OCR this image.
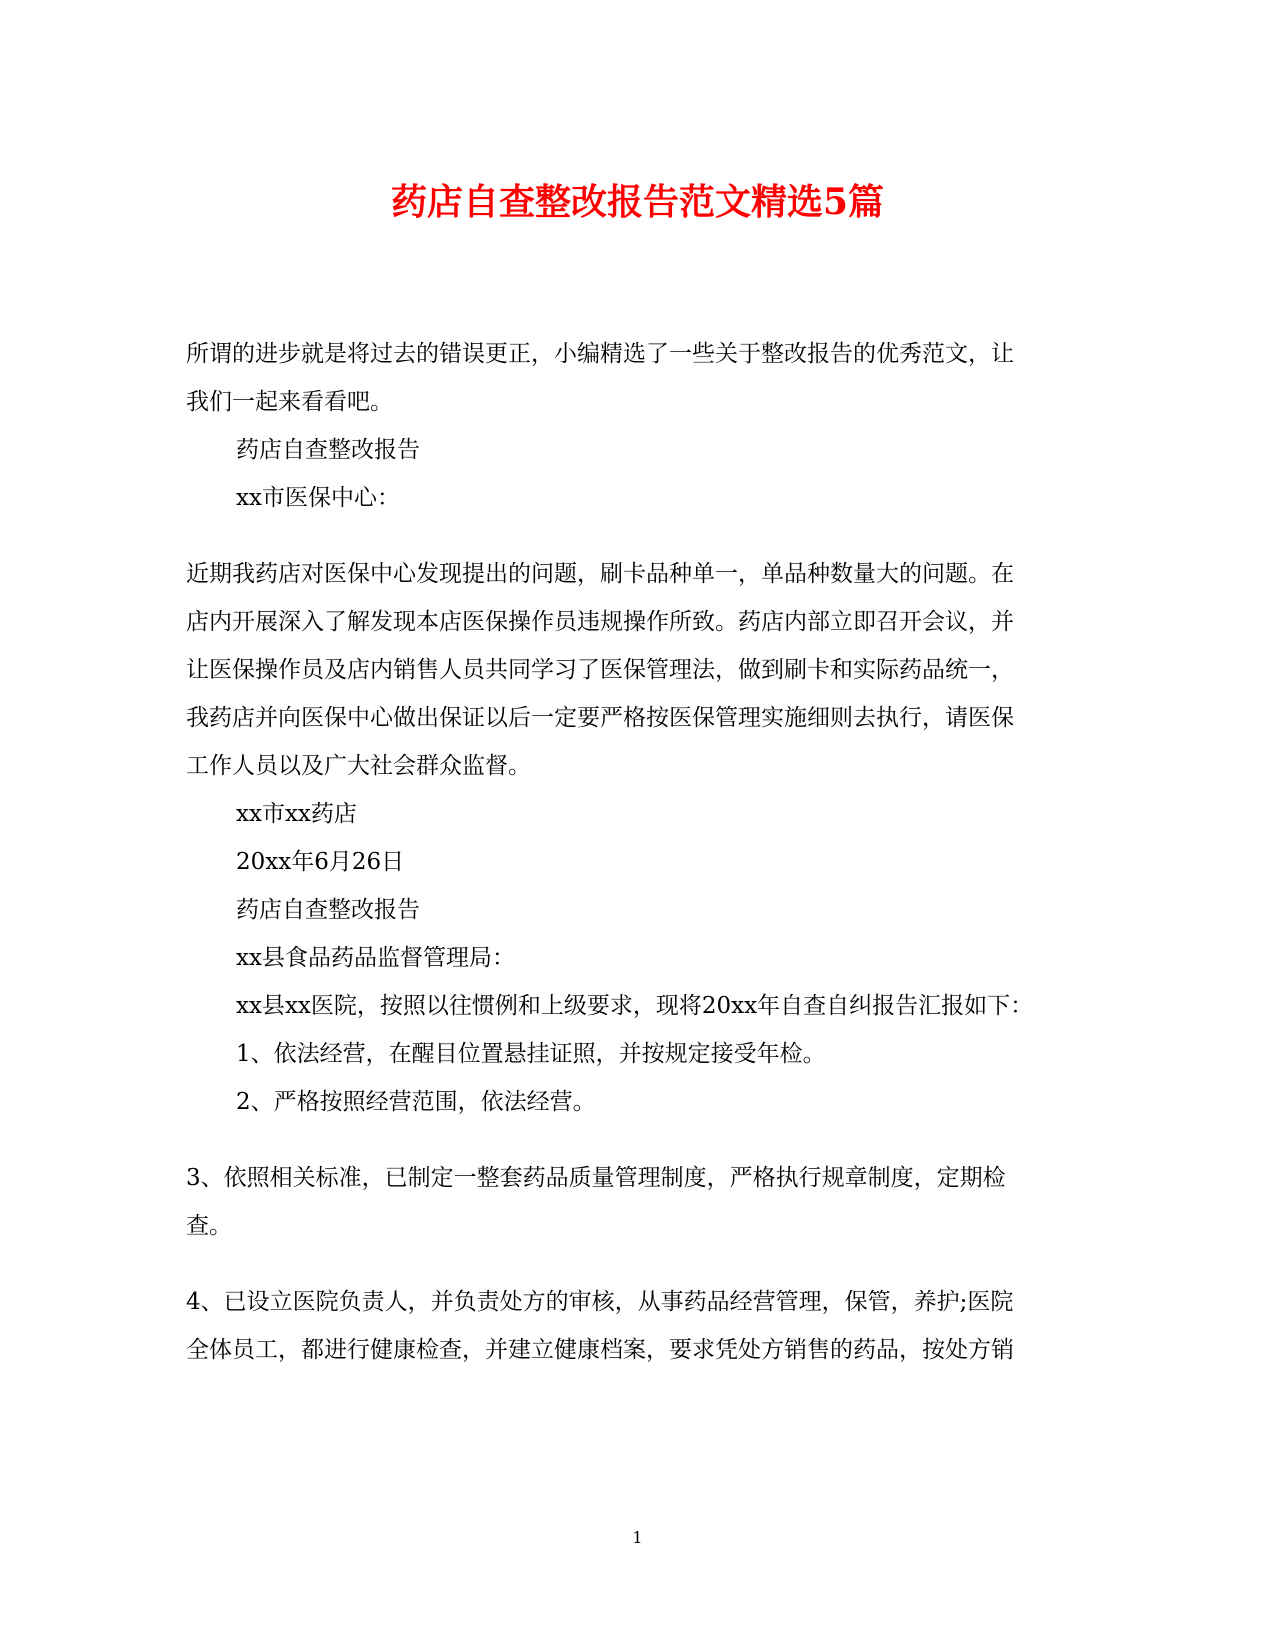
药店自查整改报告范文精选5篇

所谓的进步就是将过去的错误更正，小编精选了一些关于整改报告的优秀范文，让

我们一起来看看吧。

药店自查整改报告

xx市医保中心：

近期我药店对医保中心发现提出的问题，刷卡品种单一，单品种数量大的问题。在

店内开展深入了解发现本店医保操作员违规操作所致。药店内部立即召开会议，并

让医保操作员及店内销售人员共同学习了医保管理法，做到刷卡和实际药品统一，

我药店并向医保中心做出保证以后一定要严格按医保管理实施细则去执行，请医保

工作人员以及广大社会群众监督。

xx市xx药店

20xx年6月26日

药店自查整改报告

xx县食品药品监督管理局：

xx县xx医院，按照以往惯例和上级要求，现将20xx年自查自纠报告汇报如下：

1、依法经营，在醒目位置悬挂证照，并按规定接受年检。

2、严格按照经营范围，依法经营。

3、依照相关标准，已制定一整套药品质量管理制度，严格执行规章制度，定期检

查。

4、已设立医院负责人，并负责处方的审核，从事药品经营管理，保管，养护;医院

全体员工，都进行健康检查，并建立健康档案，要求凭处方销售的药品，按处方销

1
